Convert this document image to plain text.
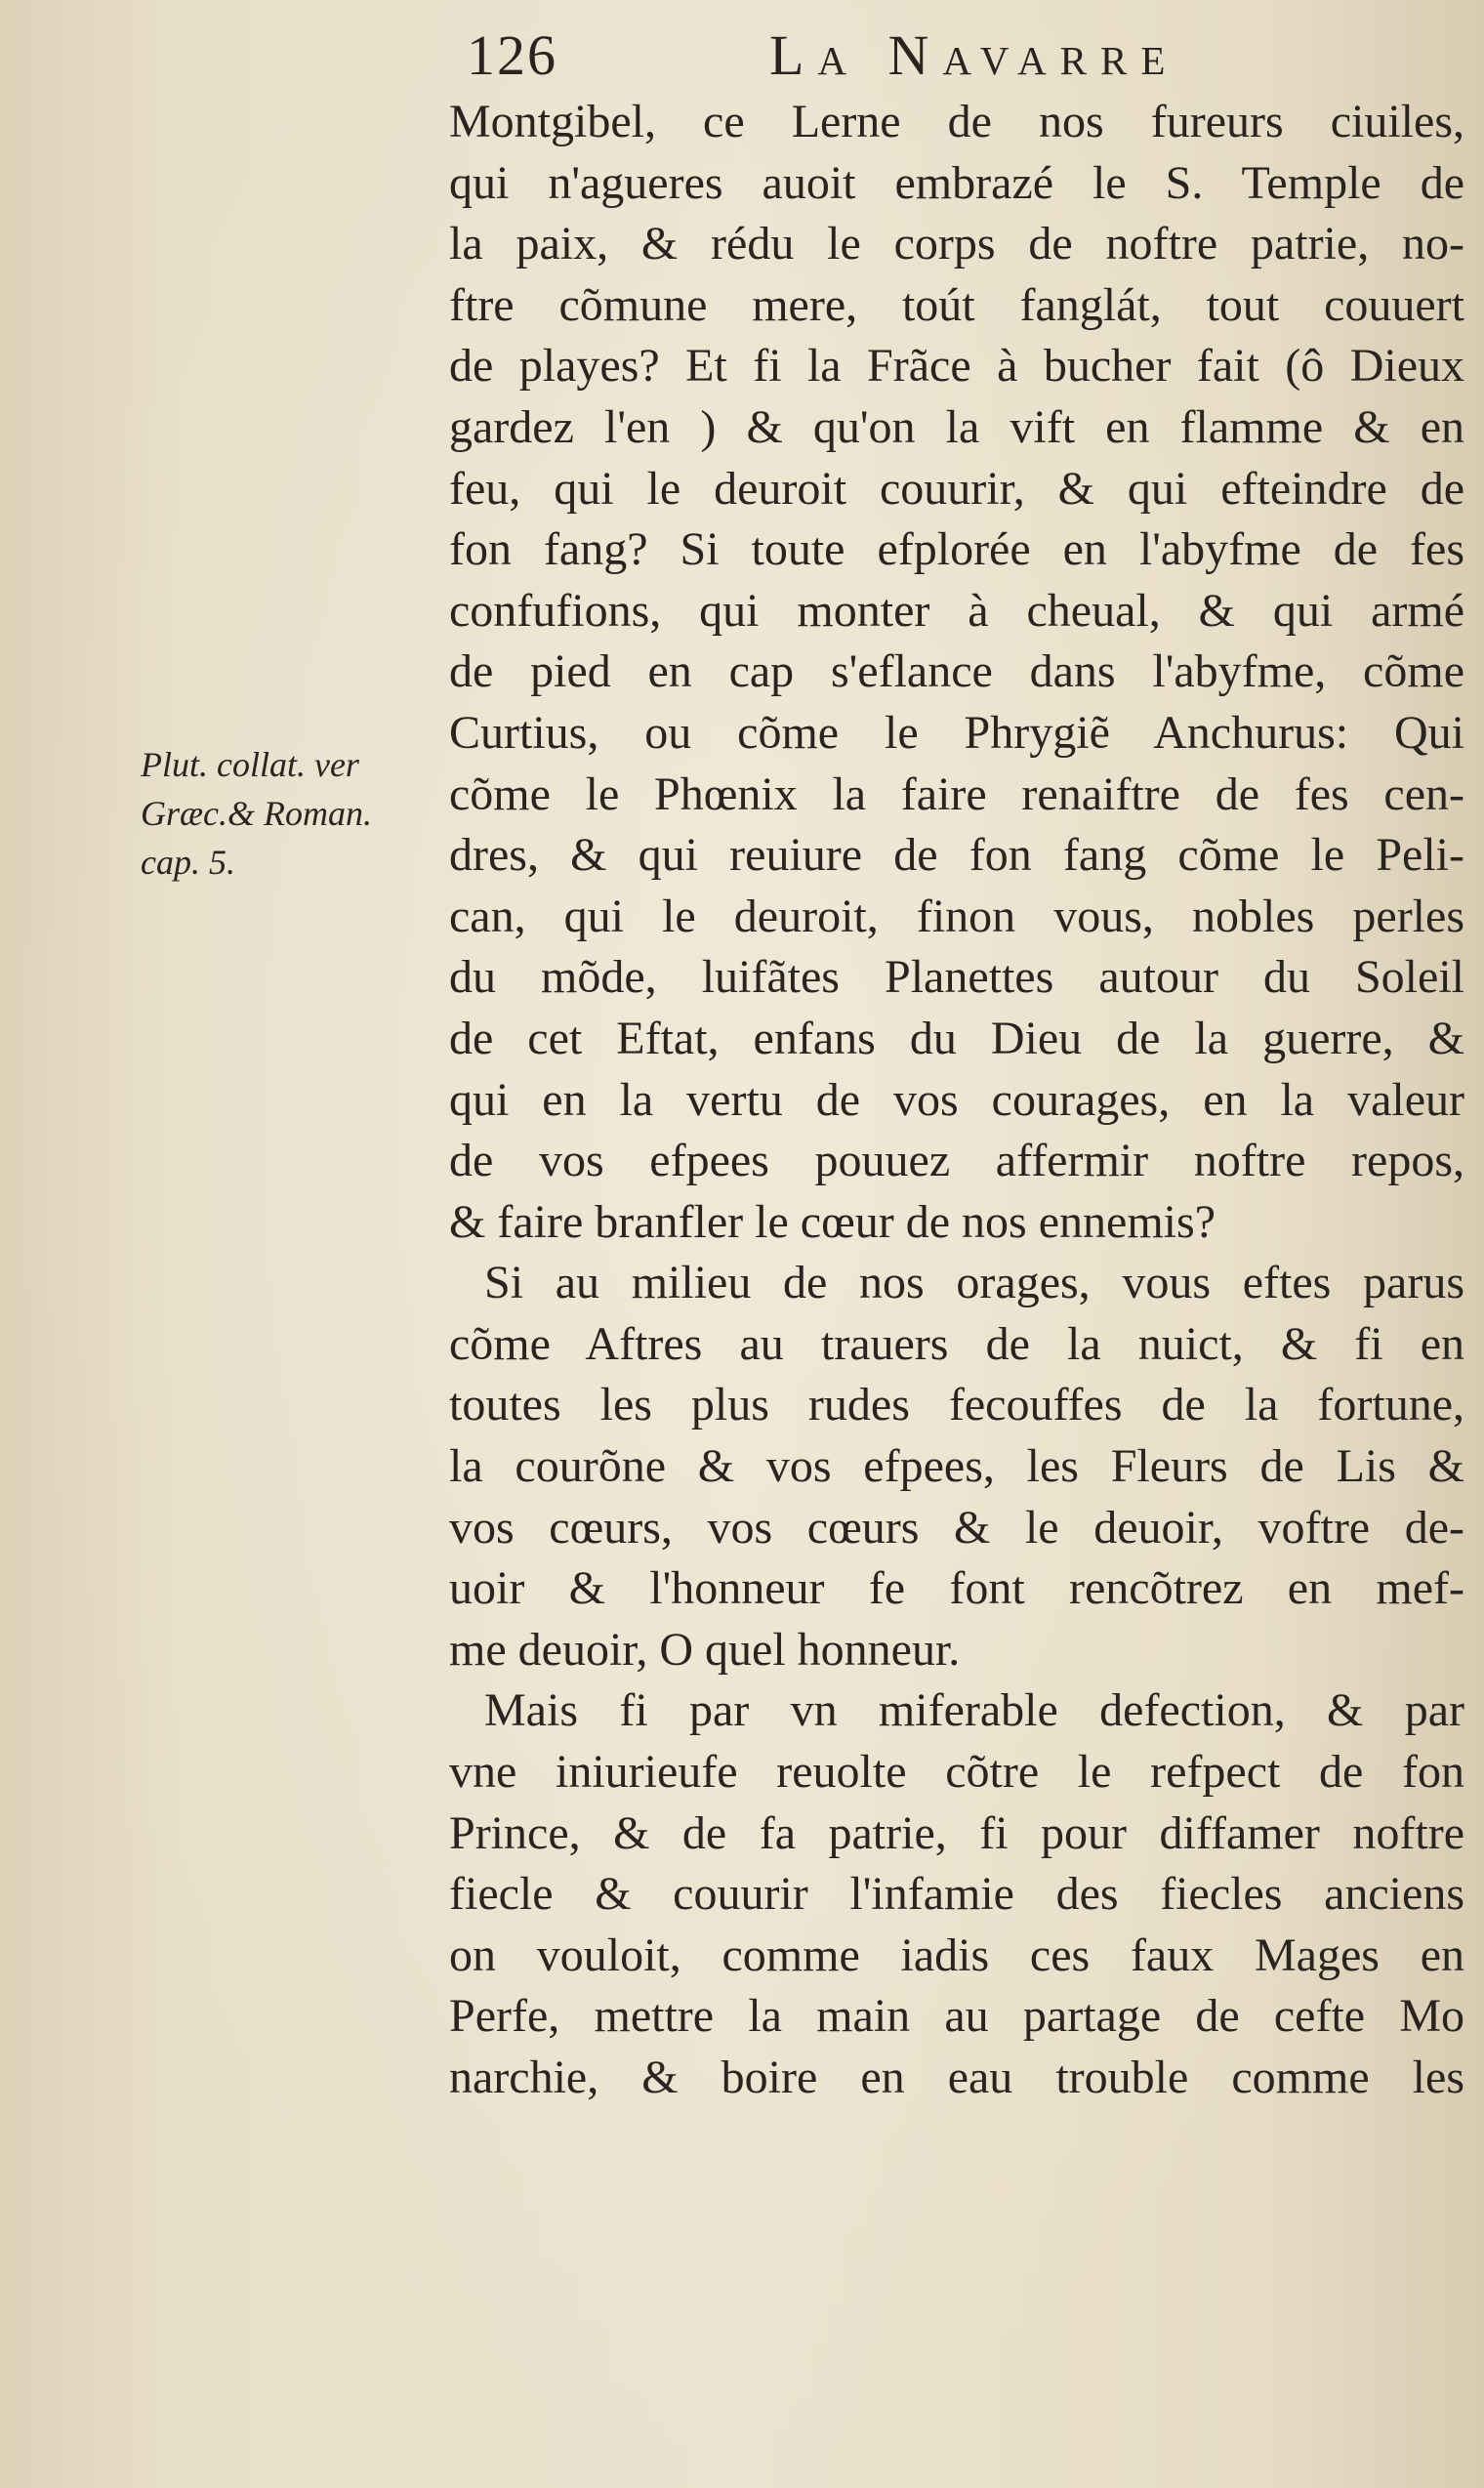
126	La Navarre
Plut. collat. ver
Græc.& Roman.
cap. 5.
Montgibel, ce Lerne de nos fureurs ciuiles,
qui n'agueres auoit embrazé le S. Temple de
la paix, & rédu le corps de noftre patrie, no-
ftre cõmune mere, toút fanglát, tout couuert
de playes? Et fi la Frãce à bucher fait (ô Dieux
gardez l'en ) & qu'on la vift en flamme & en
feu, qui le deuroit couurir, & qui efteindre de
fon fang? Si toute efplorée en l'abyfme de fes
confufions, qui monter à cheual, & qui armé
de pied en cap s'eflance dans l'abyfme, cõme
Curtius, ou cõme le Phrygiẽ Anchurus: Qui
cõme le Phœnix la faire renaiftre de fes cen-
dres, & qui reuiure de fon fang cõme le Peli-
can, qui le deuroit, finon vous, nobles perles
du mõde, luifãtes Planettes autour du Soleil
de cet Eftat, enfans du Dieu de la guerre, &
qui en la vertu de vos courages, en la valeur
de vos efpees pouuez affermir noftre repos,
& faire branfler le cœur de nos ennemis?
Si au milieu de nos orages, vous eftes parus
cõme Aftres au trauers de la nuict, & fi en
toutes les plus rudes fecouffes de la fortune,
la courõne & vos efpees, les Fleurs de Lis &
vos cœurs, vos cœurs & le deuoir, voftre de-
uoir & l'honneur fe font rencõtrez en mef-
me deuoir, O quel honneur.
Mais fi par vn miferable defection, & par
vne iniurieufe reuolte cõtre le refpect de fon
Prince, & de fa patrie, fi pour diffamer noftre
fiecle & couurir l'infamie des fiecles anciens
on vouloit, comme iadis ces faux Mages en
Perfe, mettre la main au partage de cefte Mo
narchie, & boire en eau trouble comme les
